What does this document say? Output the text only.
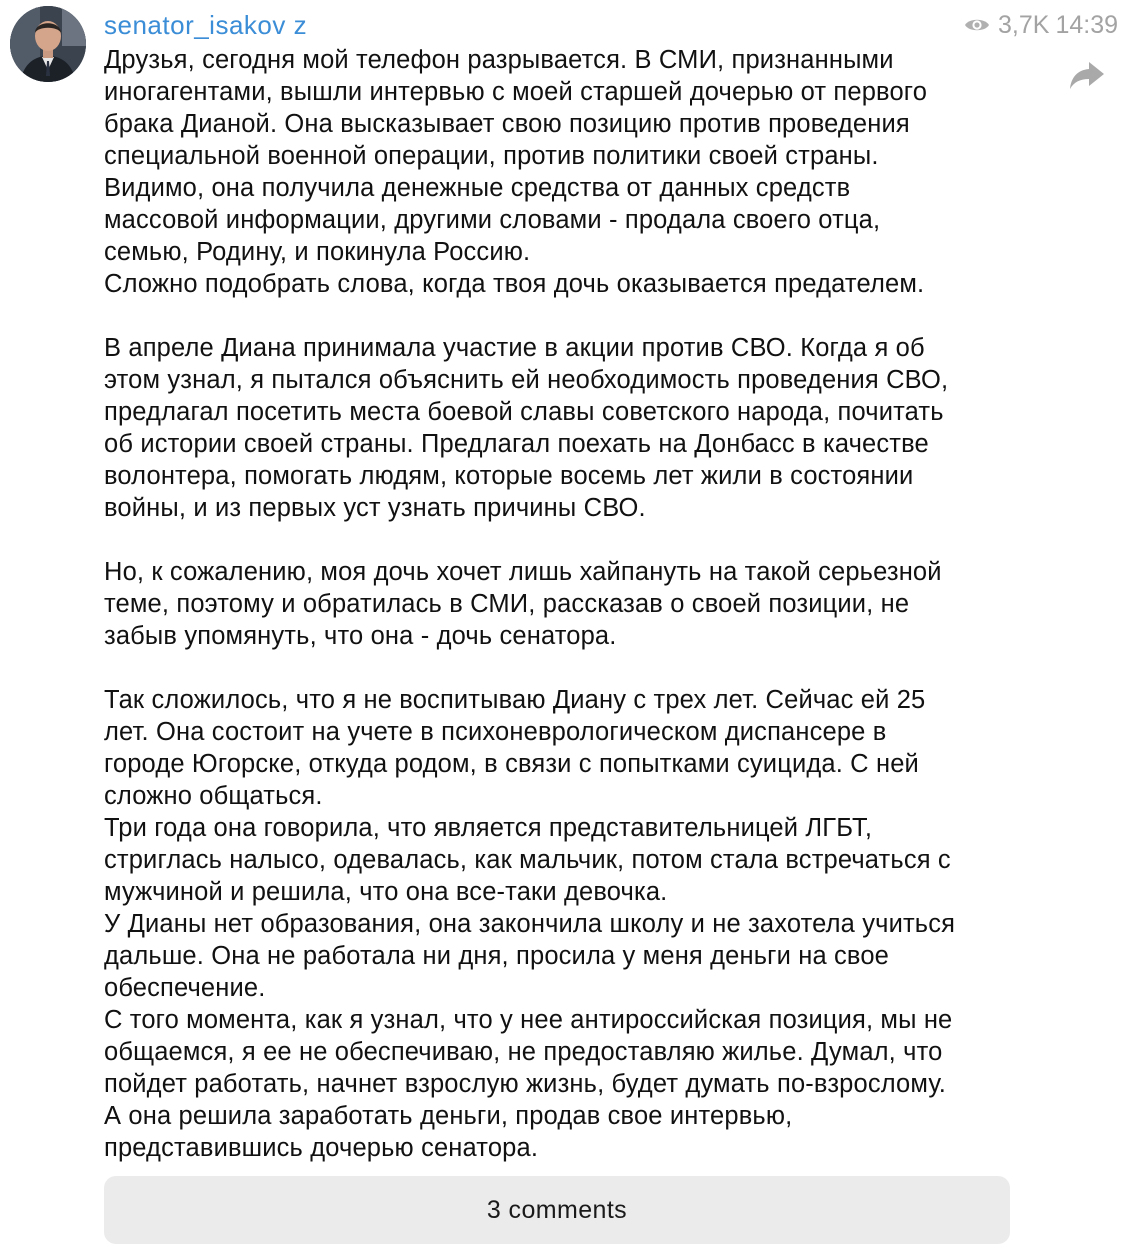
senator_isakov z	3,7K 14:39

Друзья, сегодня мой телефон разрывается. В СМИ, признанными
иногагентами, вышли интервью с моей старшей дочерью от первого
брака Дианой. Она высказывает свою позицию против проведения
специальной военной операции, против политики своей страны.
Видимо, она получила денежные средства от данных средств
массовой информации, другими словами - продала своего отца,
семью, Родину, и покинула Россию.
Сложно подобрать слова, когда твоя дочь оказывается предателем.

В апреле Диана принимала участие в акции против СВО. Когда я об
этом узнал, я пытался объяснить ей необходимость проведения СВО,
предлагал посетить места боевой славы советского народа, почитать
об истории своей страны. Предлагал поехать на Донбасс в качестве
волонтера, помогать людям, которые восемь лет жили в состоянии
войны, и из первых уст узнать причины СВО.

Но, к сожалению, моя дочь хочет лишь хайпануть на такой серьезной
теме, поэтому и обратилась в СМИ, рассказав о своей позиции, не
забыв упомянуть, что она - дочь сенатора.

Так сложилось, что я не воспитываю Диану с трех лет. Сейчас ей 25
лет. Она состоит на учете в психоневрологическом диспансере в
городе Югорске, откуда родом, в связи с попытками суицида. С ней
сложно общаться.
Три года она говорила, что является представительницей ЛГБТ,
стриглась налысо, одевалась, как мальчик, потом стала встречаться с
мужчиной и решила, что она все-таки девочка.
У Дианы нет образования, она закончила школу и не захотела учиться
дальше. Она не работала ни дня, просила у меня деньги на свое
обеспечение.
С того момента, как я узнал, что у нее антироссийская позиция, мы не
общаемся, я ее не обеспечиваю, не предоставляю жилье. Думал, что
пойдет работать, начнет взрослую жизнь, будет думать по-взрослому.
А она решила заработать деньги, продав свое интервью,
представившись дочерью сенатора.

3 comments
